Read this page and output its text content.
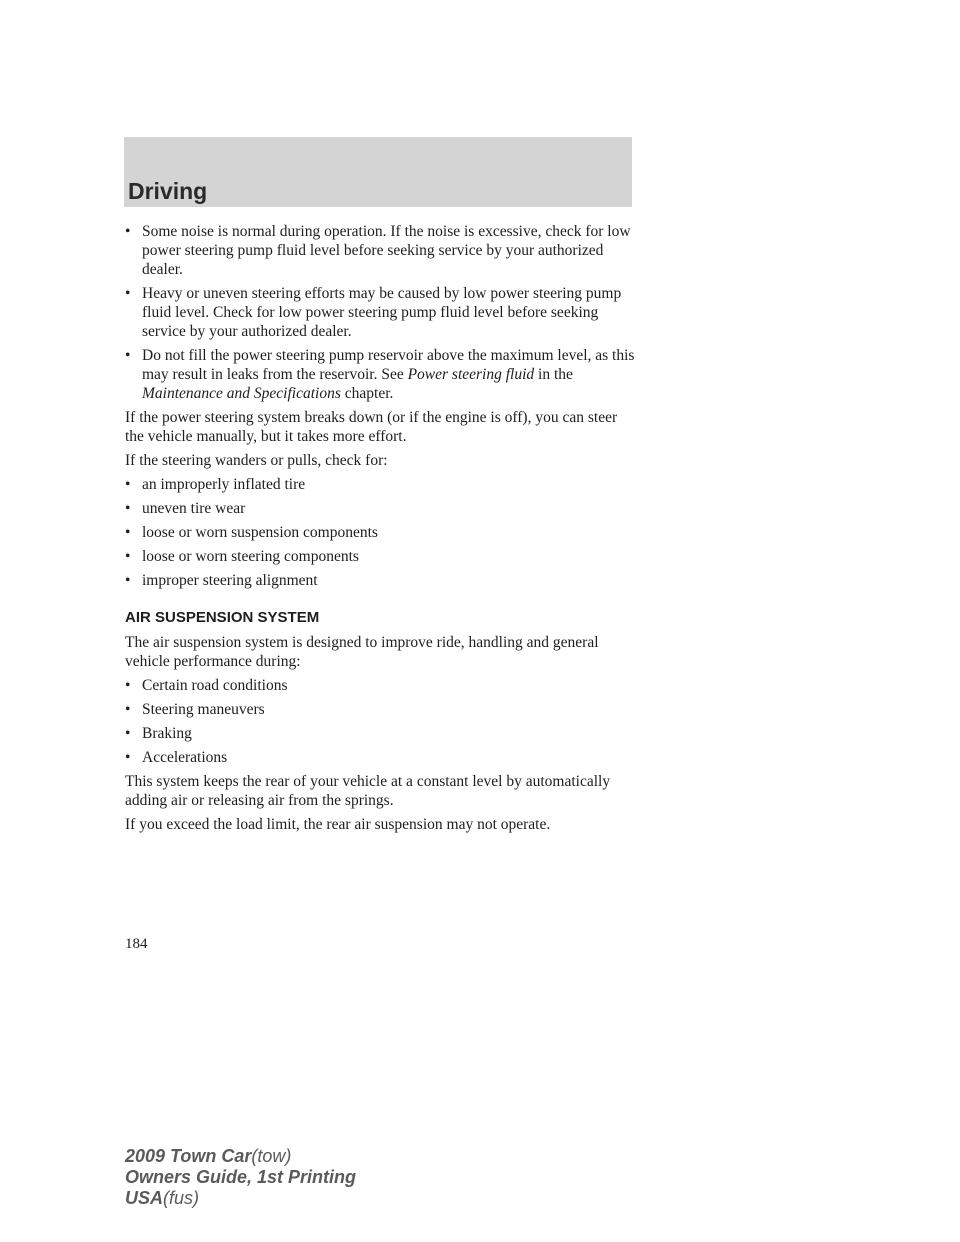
Driving
• Some noise is normal during operation. If the noise is excessive, check for low power steering pump fluid level before seeking service by your authorized dealer.
• Heavy or uneven steering efforts may be caused by low power steering pump fluid level. Check for low power steering pump fluid level before seeking service by your authorized dealer.
• Do not fill the power steering pump reservoir above the maximum level, as this may result in leaks from the reservoir. See Power steering fluid in the Maintenance and Specifications chapter.

If the power steering system breaks down (or if the engine is off), you can steer the vehicle manually, but it takes more effort.

If the steering wanders or pulls, check for:

• an improperly inflated tire
• uneven tire wear
• loose or worn suspension components
• loose or worn steering components
• improper steering alignment
AIR SUSPENSION SYSTEM

The air suspension system is designed to improve ride, handling and general vehicle performance during:

• Certain road conditions
• Steering maneuvers
• Braking
• Accelerations

This system keeps the rear of your vehicle at a constant level by automatically adding air or releasing air from the springs.

If you exceed the load limit, the rear air suspension may not operate.

184

2009 Town Car(tow)

Owners Guide, 1st Printing

USA(fus)
